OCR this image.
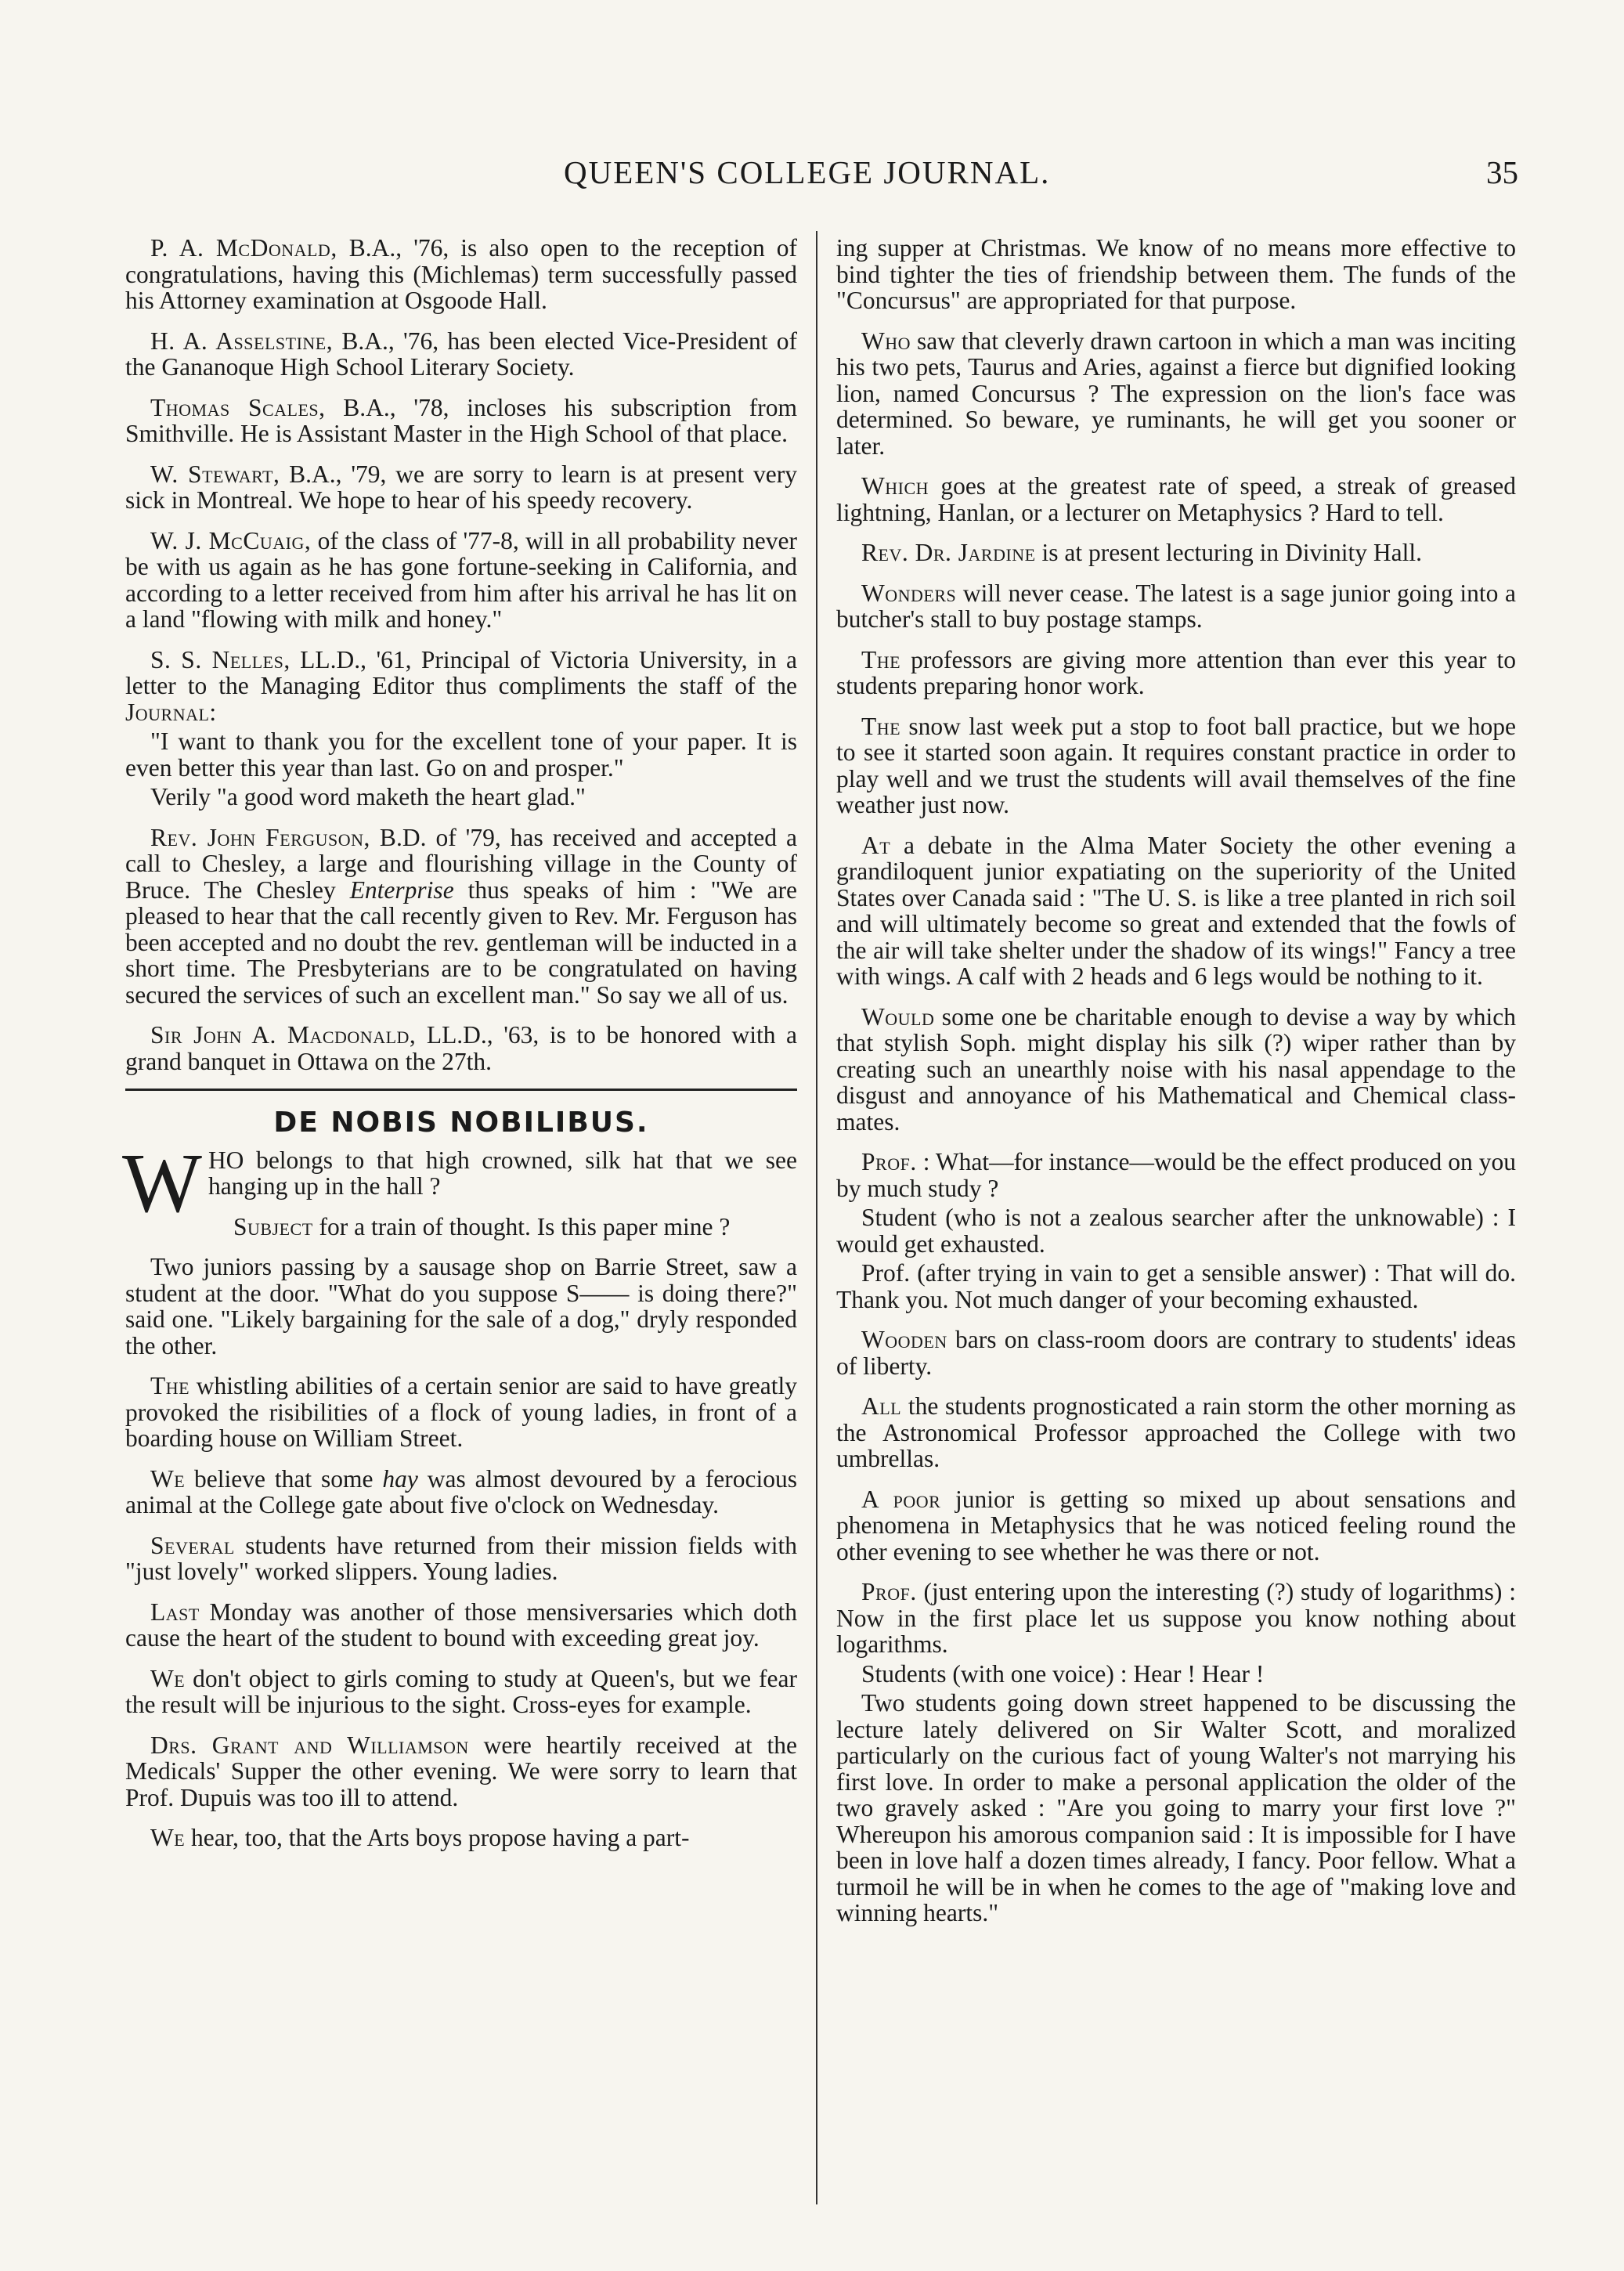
QUEEN'S COLLEGE JOURNAL.	35

P. A. McDonald, B.A., '76, is also open to the reception of congratulations, having this (Michlemas) term successfully passed his Attorney examination at Osgoode Hall.

H. A. Asselstine, B.A., '76, has been elected Vice-President of the Gananoque High School Literary Society.

Thomas Scales, B.A., '78, incloses his subscription from Smithville. He is Assistant Master in the High School of that place.

W. Stewart, B.A., '79, we are sorry to learn is at present very sick in Montreal. We hope to hear of his speedy recovery.

W. J. McCuaig, of the class of '77-8, will in all probability never be with us again as he has gone fortune-seeking in California, and according to a letter received from him after his arrival he has lit on a land "flowing with milk and honey."

S. S. Nelles, LL.D., '61, Principal of Victoria University, in a letter to the Managing Editor thus compliments the staff of the Journal:

"I want to thank you for the excellent tone of your paper. It is even better this year than last. Go on and prosper."

Verily "a good word maketh the heart glad."

Rev. John Ferguson, B.D. of '79, has received and accepted a call to Chesley, a large and flourishing village in the County of Bruce. The Chesley Enterprise thus speaks of him : "We are pleased to hear that the call recently given to Rev. Mr. Ferguson has been accepted and no doubt the rev. gentleman will be inducted in a short time. The Presbyterians are to be congratulated on having secured the services of such an excellent man." So say we all of us.

Sir John A. Macdonald, LL.D., '63, is to be honored with a grand banquet in Ottawa on the 27th.

DE NOBIS NOBILIBUS.

WHO belongs to that high crowned, silk hat that we see hanging up in the hall ?

Subject for a train of thought. Is this paper mine ?

Two juniors passing by a sausage shop on Barrie Street, saw a student at the door. "What do you suppose S—— is doing there?" said one. "Likely bargaining for the sale of a dog," dryly responded the other.

The whistling abilities of a certain senior are said to have greatly provoked the risibilities of a flock of young ladies, in front of a boarding house on William Street.

We believe that some hay was almost devoured by a ferocious animal at the College gate about five o'clock on Wednesday.

Several students have returned from their mission fields with "just lovely" worked slippers. Young ladies.

Last Monday was another of those mensiversaries which doth cause the heart of the student to bound with exceeding great joy.

We don't object to girls coming to study at Queen's, but we fear the result will be injurious to the sight. Cross-eyes for example.

Drs. Grant and Williamson were heartily received at the Medicals' Supper the other evening. We were sorry to learn that Prof. Dupuis was too ill to attend.

We hear, too, that the Arts boys propose having a part-

ing supper at Christmas. We know of no means more effective to bind tighter the ties of friendship between them. The funds of the "Concursus" are appropriated for that purpose.

Who saw that cleverly drawn cartoon in which a man was inciting his two pets, Taurus and Aries, against a fierce but dignified looking lion, named Concursus ? The expression on the lion's face was determined. So beware, ye ruminants, he will get you sooner or later.

Which goes at the greatest rate of speed, a streak of greased lightning, Hanlan, or a lecturer on Metaphysics ? Hard to tell.

Rev. Dr. Jardine is at present lecturing in Divinity Hall.

Wonders will never cease. The latest is a sage junior going into a butcher's stall to buy postage stamps.

The professors are giving more attention than ever this year to students preparing honor work.

The snow last week put a stop to foot ball practice, but we hope to see it started soon again. It requires constant practice in order to play well and we trust the students will avail themselves of the fine weather just now.

At a debate in the Alma Mater Society the other evening a grandiloquent junior expatiating on the superiority of the United States over Canada said : "The U. S. is like a tree planted in rich soil and will ultimately become so great and extended that the fowls of the air will take shelter under the shadow of its wings!" Fancy a tree with wings. A calf with 2 heads and 6 legs would be nothing to it.

Would some one be charitable enough to devise a way by which that stylish Soph. might display his silk (?) wiper rather than by creating such an unearthly noise with his nasal appendage to the disgust and annoyance of his Mathematical and Chemical class-mates.

Prof. : What—for instance—would be the effect produced on you by much study ?

Student (who is not a zealous searcher after the unknowable) : I would get exhausted.

Prof. (after trying in vain to get a sensible answer) : That will do. Thank you. Not much danger of your becoming exhausted.

Wooden bars on class-room doors are contrary to students' ideas of liberty.

All the students prognosticated a rain storm the other morning as the Astronomical Professor approached the College with two umbrellas.

A poor junior is getting so mixed up about sensations and phenomena in Metaphysics that he was noticed feeling round the other evening to see whether he was there or not.

Prof. (just entering upon the interesting (?) study of logarithms) : Now in the first place let us suppose you know nothing about logarithms.

Students (with one voice) : Hear ! Hear !

Two students going down street happened to be discussing the lecture lately delivered on Sir Walter Scott, and moralized particularly on the curious fact of young Walter's not marrying his first love. In order to make a personal application the older of the two gravely asked : "Are you going to marry your first love ?" Whereupon his amorous companion said : It is impossible for I have been in love half a dozen times already, I fancy. Poor fellow. What a turmoil he will be in when he comes to the age of "making love and winning hearts."
